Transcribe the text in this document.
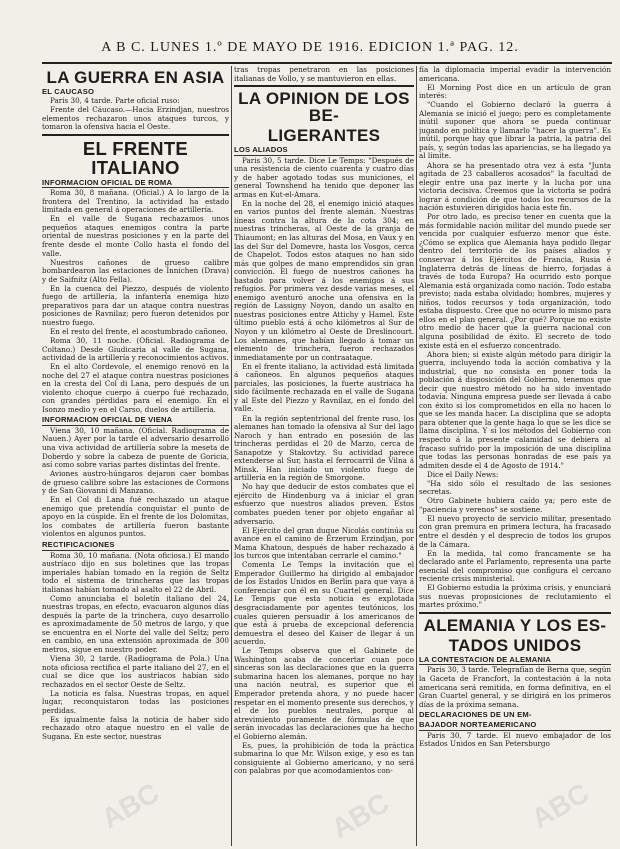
A B C. LUNES 1.º DE MAYO DE 1916. EDICION 1.ª PAG. 12.
LA GUERRA EN ASIA
EL CAUCASO

Paris 30, 4 tarde. Parte oficial ruso:

Frente del Cáucaso.—Hacia Erzindjan, nuestros elementos rechazaron unos ataques turcos, y tomaron la ofensiva hacia el Oeste.

EL FRENTE ITALIANO
INFORMACION OFICIAL DE ROMA

Roma 30, 8 mañana. (Oficial.) A lo largo de la frontera del Trentino, la actividad ha estado limitada en general á operaciones de artillería.

En el valle de Sugana rechazamos unos pequeños ataques enemigos contra la parte oriental de nuestras posiciones y en la parte del frente desde el monte Collo hasta el fondo del valle.

Nuestros cañones de grueso calibre bombardearon las estaciones de Innichen (Drava) y de Saifnitz (Alto Fella).

En la cuenca del Piezzo, después de violento fuego de artillería, la infantería enemiga hizo preparativos para dar un ataque contra nuestras posiciones de Ravnilaz; pero fueron detenidos por nuestro fuego.

En el resto del frente, el acostumbrado cañoneo.

Roma 30, 11 noche. (Oficial. Radiograma de Coltano.) Desde Giudicaria al valle de Sugana, actividad de la artillería y reconocimientos activos.

En el alto Cordevole, el enemigo renovó en la noche del 27 el ataque contra nuestras posiciones en la cresta del Col di Lana, pero después de un violento choque cuerpo á cuerpo fué rechazado, con grandes pérdidas para el enemigo. En el Isonzo medio y en el Carso, duelos de artillería.

INFORMACION OFICIAL DE VIENA

Viena 30, 10 mañana. (Oficial. Radiograma de Nauen.) Ayer por la tarde el adversario desarrolló una viva actividad de artillería sobre la meseta de Doberdo y sobre la cabeza de puente de Goricia, así como sobre varias partes distintas del frente.

Aviones austro-húngaros dejaron caer bombas de grueso calibre sobre las estaciones de Cormons y de San Giovanni di Manzano.

En el Col di Lana fué rechazado un ataque enemigo que pretendía conquistar el punto de apoyo en la cúspide. En el frente de los Dolomitas, los combates de artillería fueron bastante violentos en algunos puntos.

RECTIFICACIONES

Roma 30, 10 mañana. (Nota oficiosa.) El mando austríaco dijo en sus boletines que las tropas imperiales habían tomado en la región de Seltz todo el sistema de trincheras que las tropas italianas habían tomado al asalto el 22 de Abril.

Como anunciaba el boletín italiano del 24, nuestras tropas, en efecto, evacuaron algunos días después la parte de la trinchera, cuyo desarrollo es aproximadamente de 50 metros de largo, y que se encuentra en el Norte del valle del Seltz; pero en cambio, en una extensión aproximada de 300 metros, sigue en nuestro poder.

Viena 30, 2 tarde. (Radiograma de Pola.) Una nota oficiosa rectifica el parte italiano del 27, en el cual se dice que los austríacos habían sido rechazados en el sector Oeste de Seltz.

La noticia es falsa. Nuestras tropas, en aquel lugar, reconquistaron todas las posiciones perdidas.

Es igualmente falsa la noticia de haber sido rechazado otro ataque nuestro en el valle de Sugana. En este sector, nuestras

tras tropas penetraron en las posiciones italianas de Vollo, y se mantuvieron en ellas.

LA OPINION DE LOS BE-
LIGERANTES
LOS ALIADOS

Paris 30, 5 tarde. Dice Le Temps: "Después de una resistencia de ciento cuarenta y cuatro días y de haber agotado todas sus municiones, el general Townshend ha tenido que deponer las armas en Kut-el-Amara.

En la noche del 28, el enemigo inició ataques en varios puntos del frente alemán. Nuestras líneas contra la altura de la cota 304; en nuestras trincheras, al Oeste de la granja de Thiaumont; en las alturas del Mosa, en Vaux y en las del Sur del Domevre, hasta los Vosgos, cerca de Chapelot. Todos estos ataques no han sido más que golpes de mano emprendidos sin gran convicción. El fuego de nuestros cañones ha bastado para volver á los enemigos á sus refugios. Por primera vez desde varias meses, el enemigo aventuró anoche una ofensiva en la región de Lassigny Noyon, dando un asalto en nuestras posiciones entre Attichy y Hamel. Este último pueblo está á ocho kilómetros al Sur de Noyon y un kilómetro al Oeste de Dreslincourt. Los alemanes, que habían llegado á tomar un elemento de trinchera, fueron rechazados inmediatamente por un contraataque.

En el frente italiano, la actividad está limitada á cañoneos. En algunos pequeños ataques parciales, las posiciones, la fuerte austriaca ha sido fácilmente rechazada en el valle de Sugana y al Este del Piezzo y Ravnilaz, en el fondo del valle.

En la región septentrional del frente ruso, los alemanes han tomado la ofensiva al Sur del lago Naroch y han entrado en posesión de las trincheras perdidas el 20 de Marzo, cerca de Sanapotze y Stakovtzy. Su actividad parece extenderse al Sur, hasta el ferrocarril de Vilna á Minsk. Han iniciado un violento fuego de artillería en la región de Smorgone.

No hay que deducir de estos combates que el ejército de Hindenburg va á iniciar el gran esfuerzo que nuestros aliados preven. Estos combates pueden tener por objeto engañar al adversario.

El Ejército del gran duque Nicolás continúa su avance en el camino de Erzerum Erzindjan, por Mama Khatoun, después de haber rechazado á los turcos que intentaban cerrarle el camino."

Comenta Le Temps la invitación que el Emperador Guillermo ha dirigido al embajador de los Estados Unidos en Berlin para que vaya á conferenciar con él en su Cuartel general. Dice Le Temps que esta noticia es explotada desgraciadamente por agentes teutónicos, los cuales quieren persuadir á los americanos de que está á prueba de excepcional deferencia demuestra el deseo del Kaiser de llegar á un acuerdo.

Le Temps observa que el Gabinete de Washington acaba de concertar cuan poco sinceras son las declaraciones que en la guerra submarina hacen los alemanes, porque no hay una nación neutral, es superior que el Emperador pretenda ahora, y no puede hacer respetar en el momento presente sus derechos, y el de los pueblos neutrales, porque al atrevimiento puramente de fórmulas de que serán invocadas las declaraciones que ha hecho el Gobierno alemán.

Es, pues, la prohibición de toda la práctica submarina lo que Mr. Wilson exige, y eso es tan consiguiente al Gobierno americano, y no será con palabras por que acomodamientos con-

fía la diplomacia imperial evadir la intervención americana.

El Morning Post dice en un artículo de gran interés:

"Cuando el Gobierno declaró la guerra á Alemania se inició el juego; pero es completamente inútil suponer que ahora se pueda continuar jugando en política y llamarlo "hacer la guerra". Es inútil, porque hay que librar la patria, la patria del país, y, según todas las apariencias, se ha llegado ya al límite.

Ahora se ha presentado otra vez á esta "Junta agitada de 23 caballeros acosados" la facultad de elegir entre una paz inerte y la lucha por una victoria decisiva. Creemos que la victoria se podrá lograr á condición de que todos los recursos de la nación estuvieren dirigidos hacia este fin.

Por otro lado, es preciso tener en cuenta que la más formidable nación militar del mundo puede ser vencida por cualquier esfuerzo menor que éste. ¿Cómo se explica que Alemania haya podido llegar dentro del territorio de los países aliados y conservar á los Ejércitos de Francia, Rusia é Inglaterra detrás de líneas de hierro, forjadas á través de toda Europa? Ha ocurrido esto porque Alemania está organizada como nación. Todo estaba previsto; nada estaba olvidado; hombres, mujeres y niños, todos recursos y toda organización, todo estaba dispuesto. Cree que no ocurre lo mismo para ellos en el plan general. ¿Por qué? Porque no existe otro medio de hacer que la guerra nacional con alguna posibilidad de éxito. El secreto de todo existe está en el esfuerzo concentrado.

Ahora bien; si existe algún método para dirigir la guerra, incluyendo toda la acción combativa y la industrial, que no consista en poner toda la población á disposición del Gobierno, tenemos que decir que nuestro método no ha sido inventado todavía. Ninguna empresa puede ser llevada á cabo con éxito si los comprometidos en ella no hacen lo que se les manda hacer. La disciplina que se adopta para obtener que la gente haga lo que se les dice se llama disciplina. Y si los métodos del Gobierno con respecto á la presente calamidad se debiera al fracaso sufrido por la imposición de una disciplina que todas las personas honradas de ese país ya admiten desde el 4 de Agosto de 1914."

Dice el Daily News:

"Ha sido sólo el resultado de las sesiones secretas.

Otro Gabinete hubiera caído ya; pero este de "paciencia y verenos" se sostiene.

El nuevo proyecto de servicio militar, presentado con gran premura en primera lectura, ha fracasado entre el desdén y el desprecio de todos los grupos de la Cámara.

En la medida, tal como francamente se ha declarado ante el Parlamento, representa una parte esencial del compromiso que configura el cercano reciente crisis ministerial.

El Gobierno estudia la próxima crisis, y enunciará sus nuevas proposiciones de reclutamiento el martes próximo."

ALEMANIA Y LOS ES-
TADOS UNIDOS
LA CONTESTACION DE ALEMANIA

Paris 30, 3 tarde. Telegrafían de Berna que, según la Gaceta de Francfort, la contestación á la nota americana será remitida, en forma definitiva, en el Gran Cuartel general, y se dirigirá en los primeros días de la próxima semana.

DECLARACIONES DE UN EM-
BAJADOR NORTEAMERICANO

Paris 30, 7 tarde. El nuevo embajador de los Estados Unidos en San Petersburgo

ABC	ABC	ABC
